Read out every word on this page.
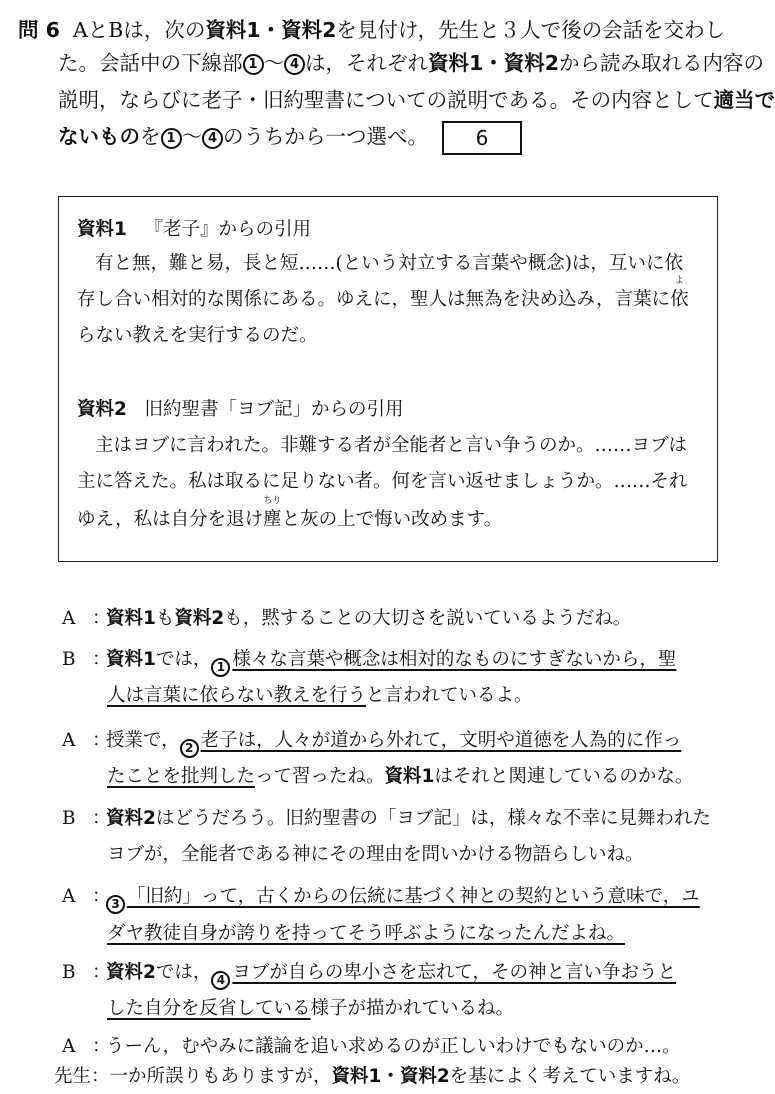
問 6 AとBは，次の資料1・資料2を見付け，先生と３人で後の会話を交わし
た。会話中の下線部 1 ～ 4 は，それぞれ資料1・資料2から読み取れる内容の
説明，ならびに老子・旧約聖書についての説明である。その内容として適当で
ないものを 1 ～ 4 のうちから一つ選べ。 6
資料1 『老子』からの引用
有と無，難と易，長と短……(という対立する言葉や概念)は，互いに依
存し合い相対的な関係にある。ゆえに，聖人は無為を決め込み，言葉に依
よ
らない教えを実行するのだ。
資料2 旧約聖書「ヨブ記」からの引用
主はヨブに言われた。非難する者が全能者と言い争うのか。……ヨブは
主に答えた。私は取るに足りない者。何を言い返せましょうか。……それ
ゆえ，私は自分を退け塵
ちり
と灰の上で悔い改めます。
A ：資料1も資料2も，黙することの大切さを説いているようだね。
B ：資料1では， 1 様々な言葉や概念は相対的なものにすぎないから，聖
人は言葉に依らない教えを行うと言われているよ。
A ：授業で， 2 老子は，人々が道から外れて，文明や道徳を人為的に作っ
たことを批判したって習ったね。資料1はそれと関連しているのかな。
B ：資料2はどうだろう。旧約聖書の「ヨブ記」は，様々な不幸に見舞われた
ヨブが，全能者である神にその理由を問いかける物語らしいね。
A ：3 「旧約」って，古くからの伝統に基づく神との契約という意味で，ユ
ダヤ教徒自身が誇りを持ってそう呼ぶようになったんだよね。
B ：資料2では， 4 ヨブが自らの卑小さを忘れて，その神と言い争おうと
した自分を反省している様子が描かれているね。
A ：うーん，むやみに議論を追い求めるのが正しいわけでもないのか…。
先生：一か所誤りもありますが，資料1・資料2を基によく考えていますね。
